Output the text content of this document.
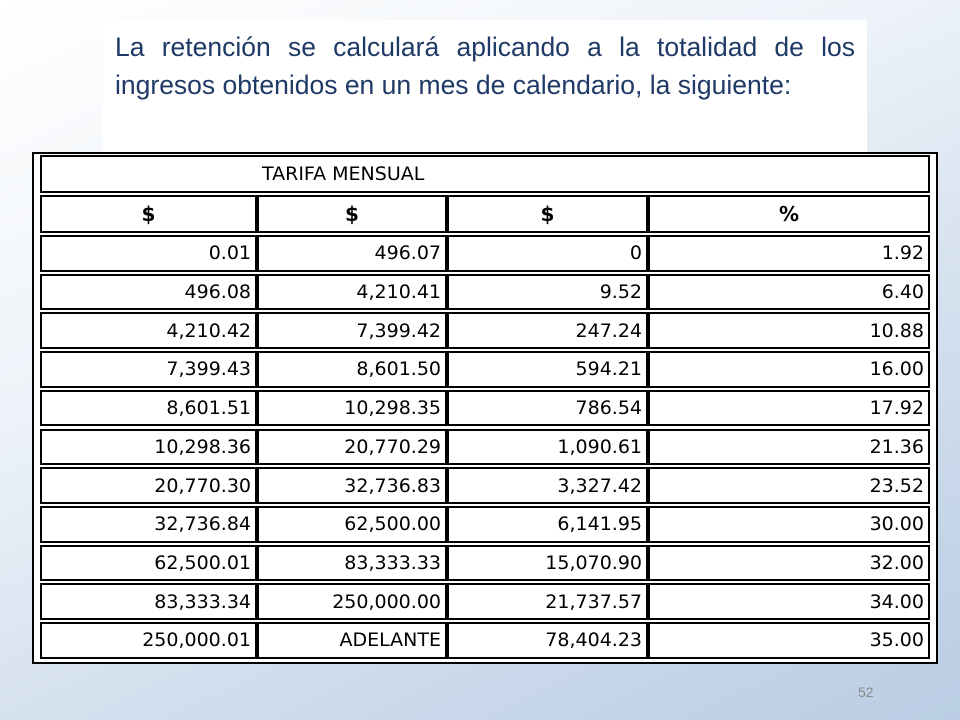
La retención se calculará aplicando a la totalidad de los ingresos obtenidos en un mes de calendario, la siguiente:

TARIFA MENSUAL
$	$	$	%
0.01	496.07	0	1.92
496.08	4,210.41	9.52	6.40
4,210.42	7,399.42	247.24	10.88
7,399.43	8,601.50	594.21	16.00
8,601.51	10,298.35	786.54	17.92
10,298.36	20,770.29	1,090.61	21.36
20,770.30	32,736.83	3,327.42	23.52
32,736.84	62,500.00	6,141.95	30.00
62,500.01	83,333.33	15,070.90	32.00
83,333.34	250,000.00	21,737.57	34.00
250,000.01	ADELANTE	78,404.23	35.00
52
